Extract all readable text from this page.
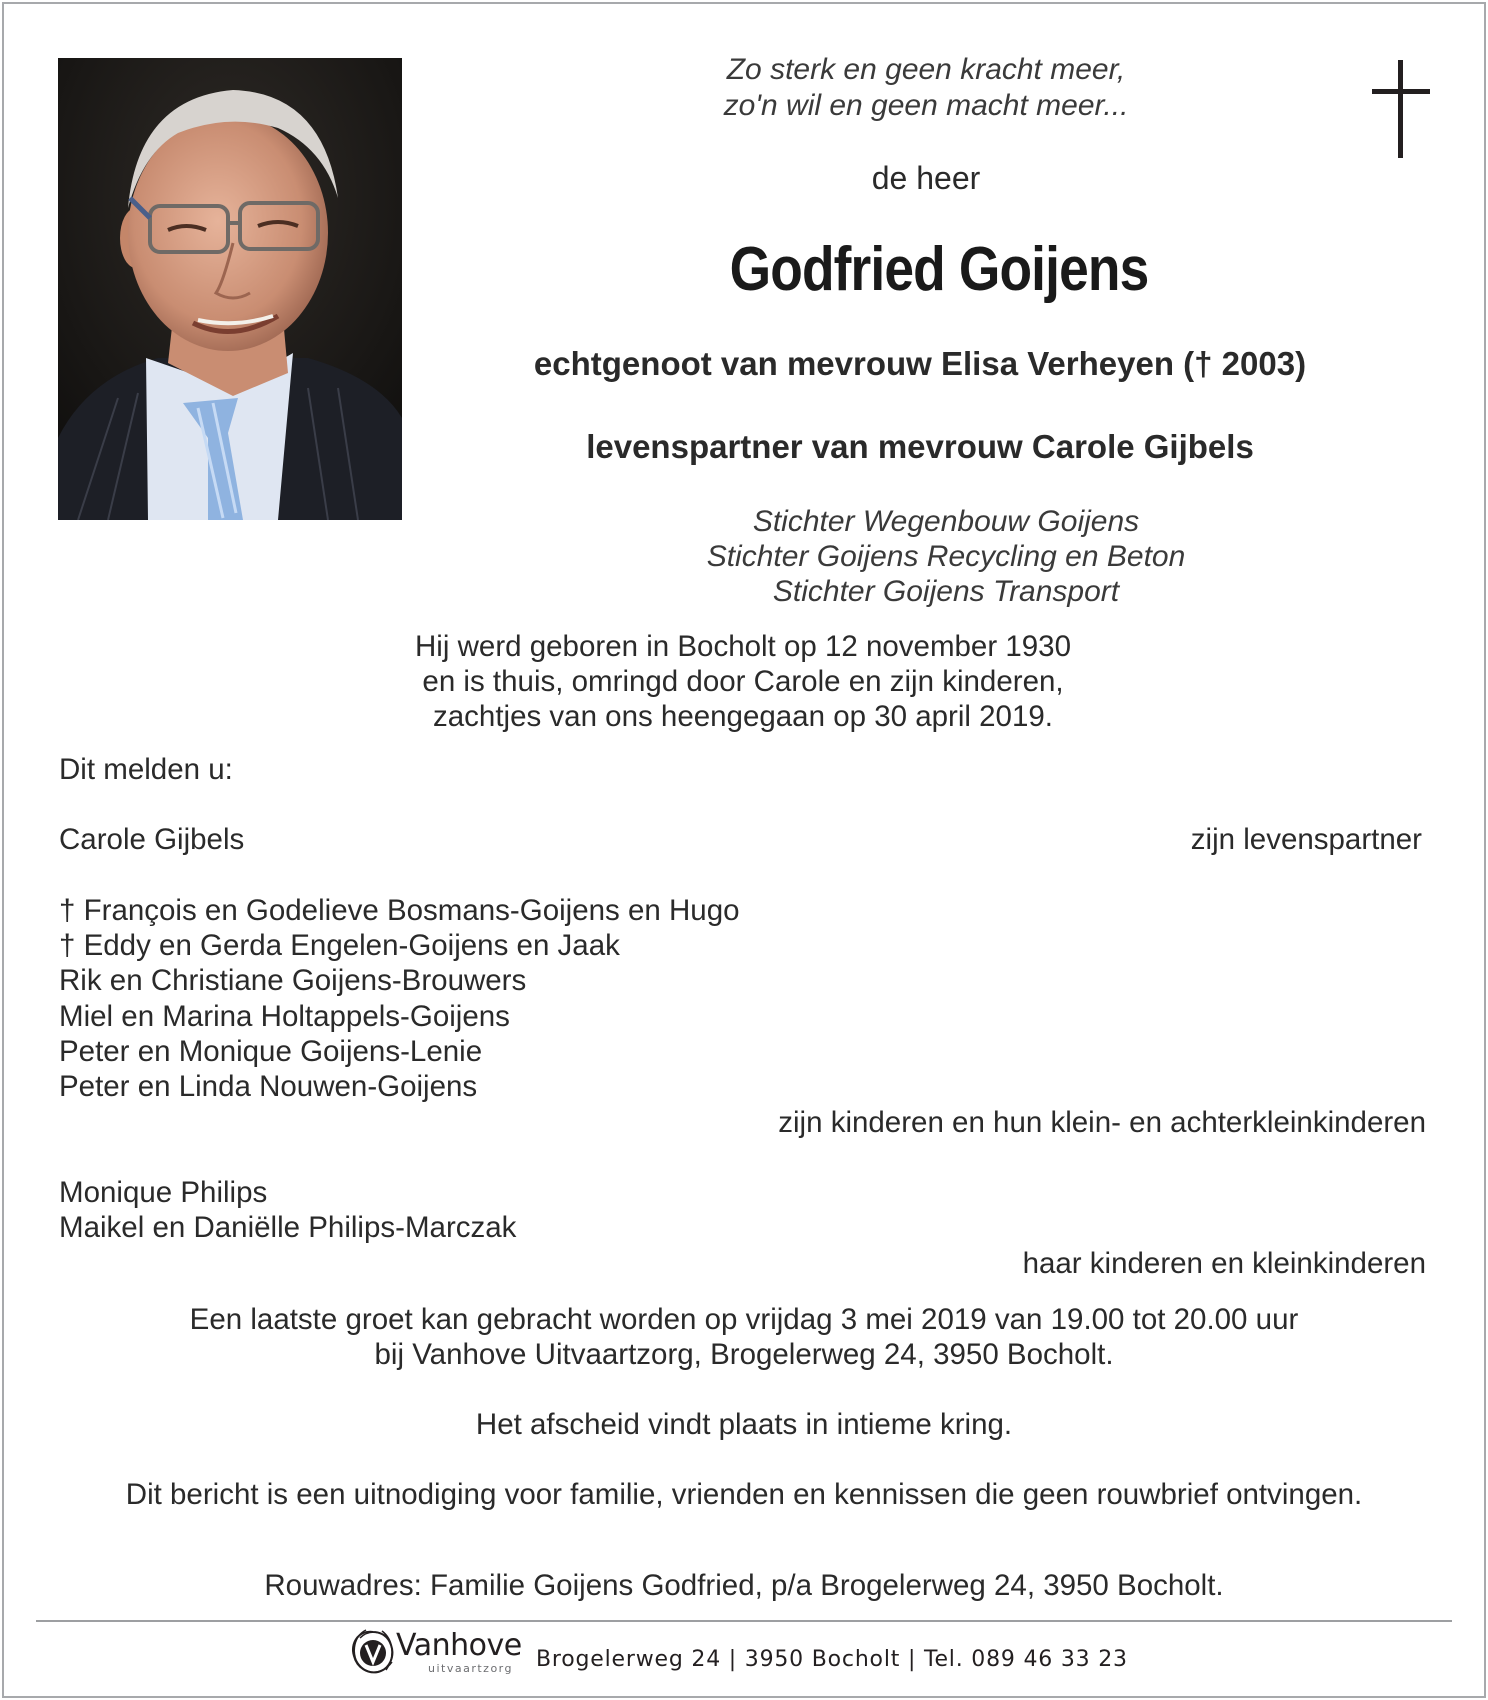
Zo sterk en geen kracht meer,
zo'n wil en geen macht meer...
de heer
Godfried Goijens
echtgenoot van mevrouw Elisa Verheyen († 2003)
levenspartner van mevrouw Carole Gijbels
Stichter Wegenbouw Goijens
Stichter Goijens Recycling en Beton
Stichter Goijens Transport
Hij werd geboren in Bocholt op 12 november 1930
en is thuis, omringd door Carole en zijn kinderen,
zachtjes van ons heengegaan op 30 april 2019.
Dit melden u:
Carole Gijbels	zijn levenspartner
† François en Godelieve Bosmans-Goijens en Hugo
† Eddy en Gerda Engelen-Goijens en Jaak
Rik en Christiane Goijens-Brouwers
Miel en Marina Holtappels-Goijens
Peter en Monique Goijens-Lenie
Peter en Linda Nouwen-Goijens
zijn kinderen en hun klein- en achterkleinkinderen
Monique Philips
Maikel en Daniëlle Philips-Marczak
haar kinderen en kleinkinderen
Een laatste groet kan gebracht worden op vrijdag 3 mei 2019 van 19.00 tot 20.00 uur
bij Vanhove Uitvaartzorg, Brogelerweg 24, 3950 Bocholt.
Het afscheid vindt plaats in intieme kring.
Dit bericht is een uitnodiging voor familie, vrienden en kennissen die geen rouwbrief ontvingen.
Rouwadres: Familie Goijens Godfried, p/a Brogelerweg 24, 3950 Bocholt.
Vanhove
uitvaartzorg Brogelerweg 24 | 3950 Bocholt | Tel. 089 46 33 23
